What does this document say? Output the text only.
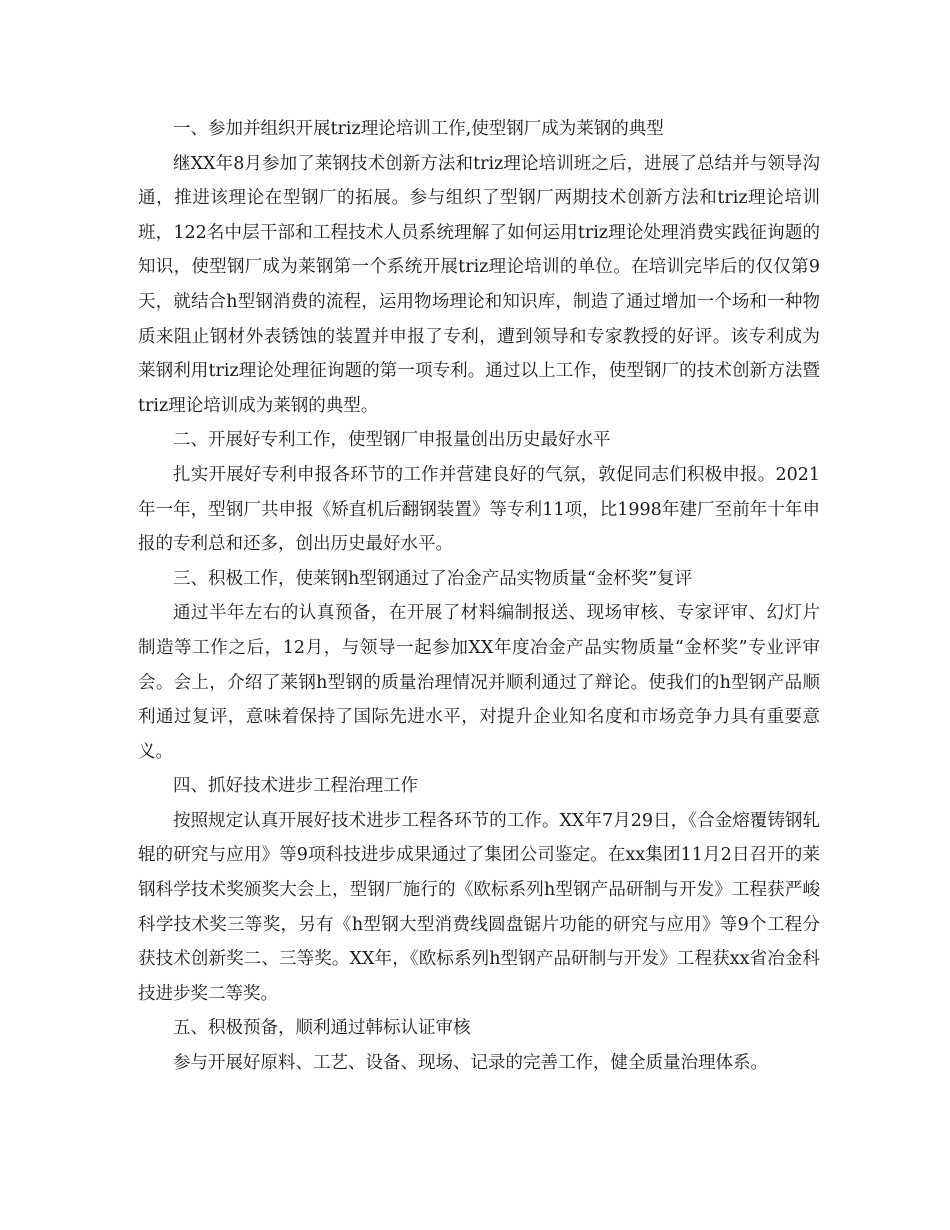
一、参加并组织开展triz理论培训工作,使型钢厂成为莱钢的典型

继XX年8月参加了莱钢技术创新方法和triz理论培训班之后，进展了总结并与领导沟通，推进该理论在型钢厂的拓展。参与组织了型钢厂两期技术创新方法和triz理论培训班，122名中层干部和工程技术人员系统理解了如何运用triz理论处理消费实践征询题的知识，使型钢厂成为莱钢第一个系统开展triz理论培训的单位。在培训完毕后的仅仅第9天，就结合h型钢消费的流程，运用物场理论和知识库，制造了通过增加一个场和一种物质来阻止钢材外表锈蚀的装置并申报了专利，遭到领导和专家教授的好评。该专利成为莱钢利用triz理论处理征询题的第一项专利。通过以上工作，使型钢厂的技术创新方法暨triz理论培训成为莱钢的典型。

二、开展好专利工作，使型钢厂申报量创出历史最好水平

扎实开展好专利申报各环节的工作并营建良好的气氛，敦促同志们积极申报。2021年一年，型钢厂共申报《矫直机后翻钢装置》等专利11项，比1998年建厂至前年十年申报的专利总和还多，创出历史最好水平。

三、积极工作，使莱钢h型钢通过了冶金产品实物质量“金杯奖”复评

通过半年左右的认真预备，在开展了材料编制报送、现场审核、专家评审、幻灯片制造等工作之后，12月，与领导一起参加XX年度冶金产品实物质量“金杯奖”专业评审会。会上，介绍了莱钢h型钢的质量治理情况并顺利通过了辩论。使我们的h型钢产品顺利通过复评，意味着保持了国际先进水平，对提升企业知名度和市场竞争力具有重要意义。

四、抓好技术进步工程治理工作

按照规定认真开展好技术进步工程各环节的工作。XX年7月29日，《合金熔覆铸钢轧辊的研究与应用》等9项科技进步成果通过了集团公司鉴定。在xx集团11月2日召开的莱钢科学技术奖颁奖大会上，型钢厂施行的《欧标系列h型钢产品研制与开发》工程获严峻科学技术奖三等奖，另有《h型钢大型消费线圆盘锯片功能的研究与应用》等9个工程分获技术创新奖二、三等奖。XX年，《欧标系列h型钢产品研制与开发》工程获xx省冶金科技进步奖二等奖。

五、积极预备，顺利通过韩标认证审核

参与开展好原料、工艺、设备、现场、记录的完善工作，健全质量治理体系。
